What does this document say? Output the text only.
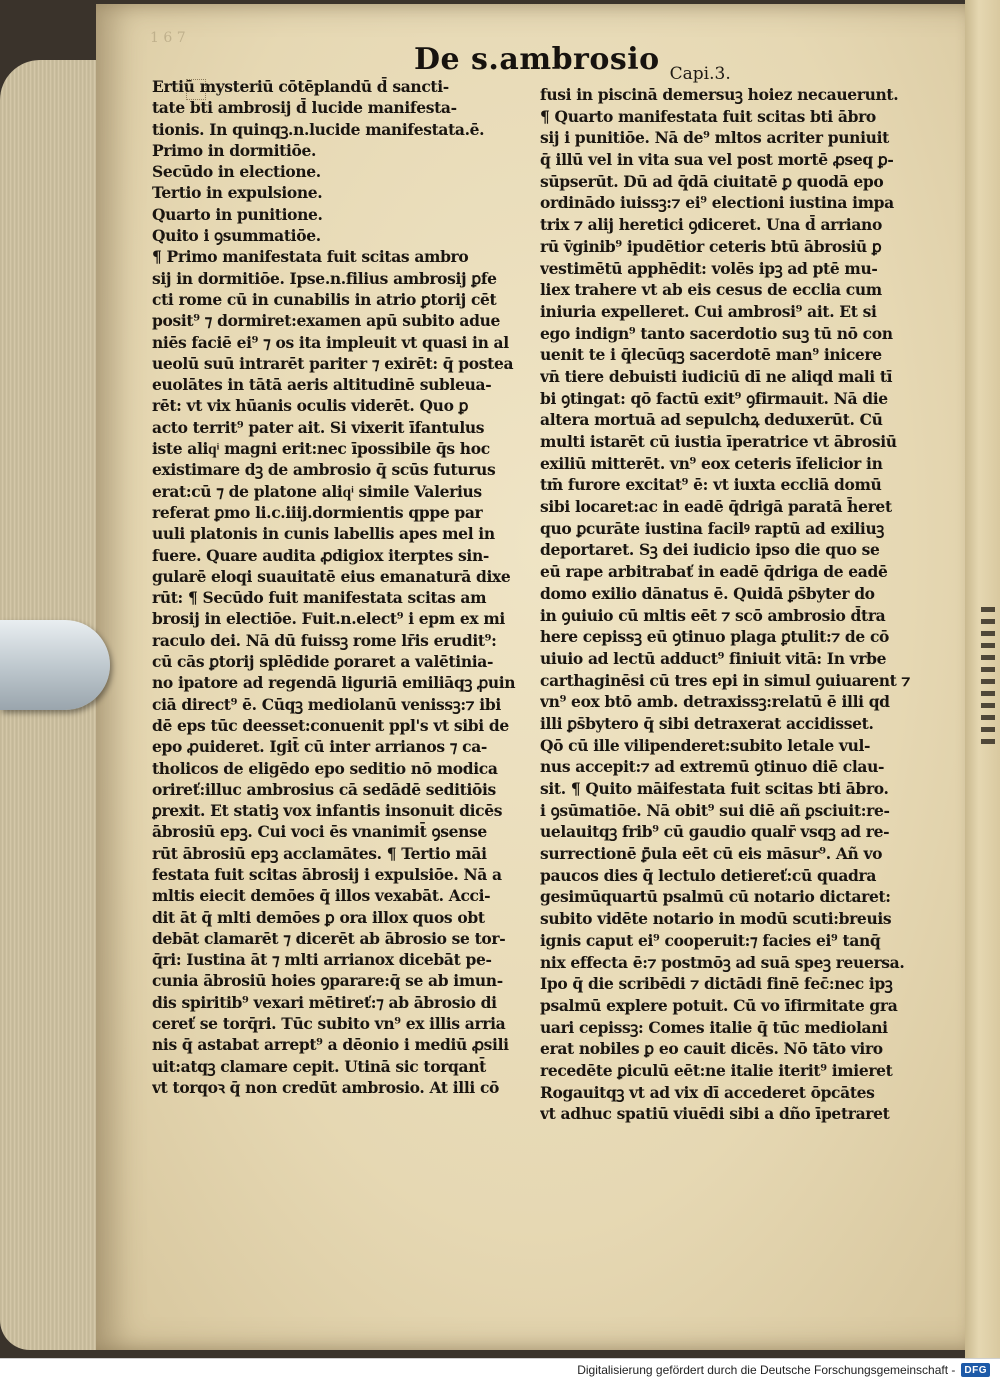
1 6 7
De s.ambrosio Capi.3.
Ertiū mysteriū cōtēplandū d̄ sancti-
tate bti ambrosij d̄ lucide manifesta-
tionis. In quinqꝫ.n.lucide manifestata.ē.
Primo in dormitiōe.
Secūdo in electione.
Tertio in expulsione.
Quarto in punitione.
Quito i ꝯsummatiōe.
¶ Primo manifestata fuit scitas ambro
sij in dormitiōe. Ipse.n.filius ambrosij ꝑfe
cti rome cū in cunabilis in atrio ꝑtorij cēt
posit⁹ ⁊ dormiret:examen apū subito adue
niēs faciē ei⁹ ⁊ os ita impleuit vt quasi in al
ueolū suū intrarēt pariter ⁊ exirēt: q̄ postea
euolātes in tātā aeris altitudinē subleua-
rēt: vt vix hūanis oculis viderēt. Quo ꝑ
acto territ⁹ pater ait. Si vixerit īfantulus
iste aliqͥ magni erit:nec īpossibile q̄s hoc
existimare dꝫ de ambrosio q̄ scūs futurus
erat:cū ⁊ de platone aliqͥ simile Valerius
referat ꝑmo li.c.iiij.dormientis qppe par
uuli platonis in cunis labellis apes mel in
fuere. Quare audita ꝓdigiox iterptes sin-
gularē eloqi suauitatē eius emanaturā dixe
rūt: ¶ Secūdo fuit manifestata scitas am
brosij in electiōe. Fuit.n.elect⁹ i epm ex mi
raculo dei. Nā dū fuissꝫ rome lr̄is erudit⁹:
cū cās ꝑtorij splēdide ꝑoraret a valētinia-
no ipatore ad regendā liguriā emiliāqꝫ ꝓuin
ciā direct⁹ ē. Cūqꝫ mediolanū venissꝫ:⁊ ibi
dē eps tūc deesset:conuenit ppl's vt sibi de
epo ꝓuideret. Igit̄ cū inter arrianos ⁊ ca-
tholicos de eligēdo epo seditio nō modica
orireť:illuc ambrosius cā sedādē seditiōis
ꝑrexit. Et statiꝫ vox infantis insonuit dicēs
ābrosiū epꝫ. Cui voci ēs vnanimit̄ ꝯsense
rūt ābrosiū epꝫ acclamātes. ¶ Tertio māi
festata fuit scitas ābrosij i expulsiōe. Nā a
mltis eiecit demōes q̄ illos vexabāt. Acci-
dit āt q̄ mlti demōes ꝑ ora illox quos obt
debāt clamarēt ⁊ dicerēt ab ābrosio se tor-
q̄ri: Iustina āt ⁊ mlti arrianox dicebāt pe-
cunia ābrosiū hoies ꝯparare:q̄ se ab imun-
dis spiritib⁹ vexari mētireť:⁊ ab ābrosio di
cereť se torq̄ri. Tūc subito vn⁹ ex illis arria
nis q̄ astabat arrept⁹ a dēonio i mediū ꝓsili
uit:atqꝫ clamare cepit. Utinā sic torqant̄
vt torqoꝛ q̄ non credūt ambrosio. At illi cō
fusi in piscinā demersuꝫ hoiez necauerunt.
¶ Quarto manifestata fuit scitas bti ābro
sij i punitiōe. Nā de⁹ mltos acriter puniuit
q̄ illū vel in vita sua vel post mortē ꝓseq ꝑ-
sūpserūt. Dū ad q̄dā ciuitatē ꝑ quodā epo
ordinādo iuissꝫ:⁊ ei⁹ electioni iustina impa
trix ⁊ alij heretici ꝯdiceret. Una d̄ arriano
rū v̄ginib⁹ ipudētior ceteris btū ābrosiū ꝑ
vestimētū apphēdit: volēs ipꝫ ad ptē mu-
liex trahere vt ab eis cesus de ecclia cum
iniuria expelleret. Cui ambrosi⁹ ait. Et si
ego indign⁹ tanto sacerdotio suꝫ tū nō con
uenit te i q̄lecūqꝫ sacerdotē man⁹ inicere
vn̄ tiere debuisti iudiciū dī ne aliqd mali tī
bi ꝯtingat: qō factū exit⁹ ꝯfirmauit. Nā die
altera mortuā ad sepulchꝝ deduxerūt. Cū
multi istarēt cū iustia īperatrice vt ābrosiū
exiliū mitterēt. vn⁹ eox ceteris īfelicior in
tm̄ furore excitat⁹ ē: vt iuxta eccliā domū
sibi locaret:ac in eadē q̄drigā paratā h̄eret
quo ꝑcurāte iustina facilꝰ raptū ad exiliuꝫ
deportaret. Sꝫ dei iudicio ipso die quo se
eū rape arbitrabať in eadē q̄driga de eadē
domo exilio dānatus ē. Quidā ꝑs̄byter do
in ꝯuiuio cū mltis eēt ⁊ scō ambrosio d̄tra
here cepissꝫ eū ꝯtinuo plaga ꝑtulit:⁊ de cō
uiuio ad lectū adduct⁹ finiuit vitā: In vrbe
carthaginēsi cū tres epi in simul ꝯuiuarent ⁊
vn⁹ eox btō amb. detraxissꝫ:relatū ē illi qd
illi ꝑs̄bytero q̄ sibi detraxerat accidisset.
Qō cū ille vilipenderet:subito letale vul-
nus accepit:⁊ ad extremū ꝯtinuo diē clau-
sit. ¶ Quito māifestata fuit scitas bti ābro.
i ꝯsūmatiōe. Nā obit⁹ sui diē añ ꝑsciuit:re-
uelauitqꝫ frib⁹ cū gaudio qualr̄ vsqꝫ ad re-
surrectionē ꝑ̄ula eēt cū eis māsur⁹. Añ vo
paucos dies q̄ lectulo detiereť:cū quadra
gesimūquartū psalmū cū notario dictaret:
subito vidēte notario in modū scuti:breuis
ignis caput ei⁹ cooperuit:⁊ facies ei⁹ tanq̄
nix effecta ē:⁊ postmōꝫ ad suā speꝫ reuersa.
Ipo q̄ die scribēdi ⁊ dictādi finē fec̄:nec ipꝫ
psalmū explere potuit. Cū vo īfirmitate gra
uari cepissꝫ: Comes italie q̄ tūc mediolani
erat nobiles ꝑ eo cauit dicēs. Nō tāto viro
recedēte ꝑiculū eēt:ne italie iterit⁹ imieret
Rogauitqꝫ vt ad vix dī accederet ōpcātes
vt adhuc spatiū viuēdi sibi a dño īpetraret
Digitalisierung gefördert durch die Deutsche Forschungsgemeinschaft - DFG
